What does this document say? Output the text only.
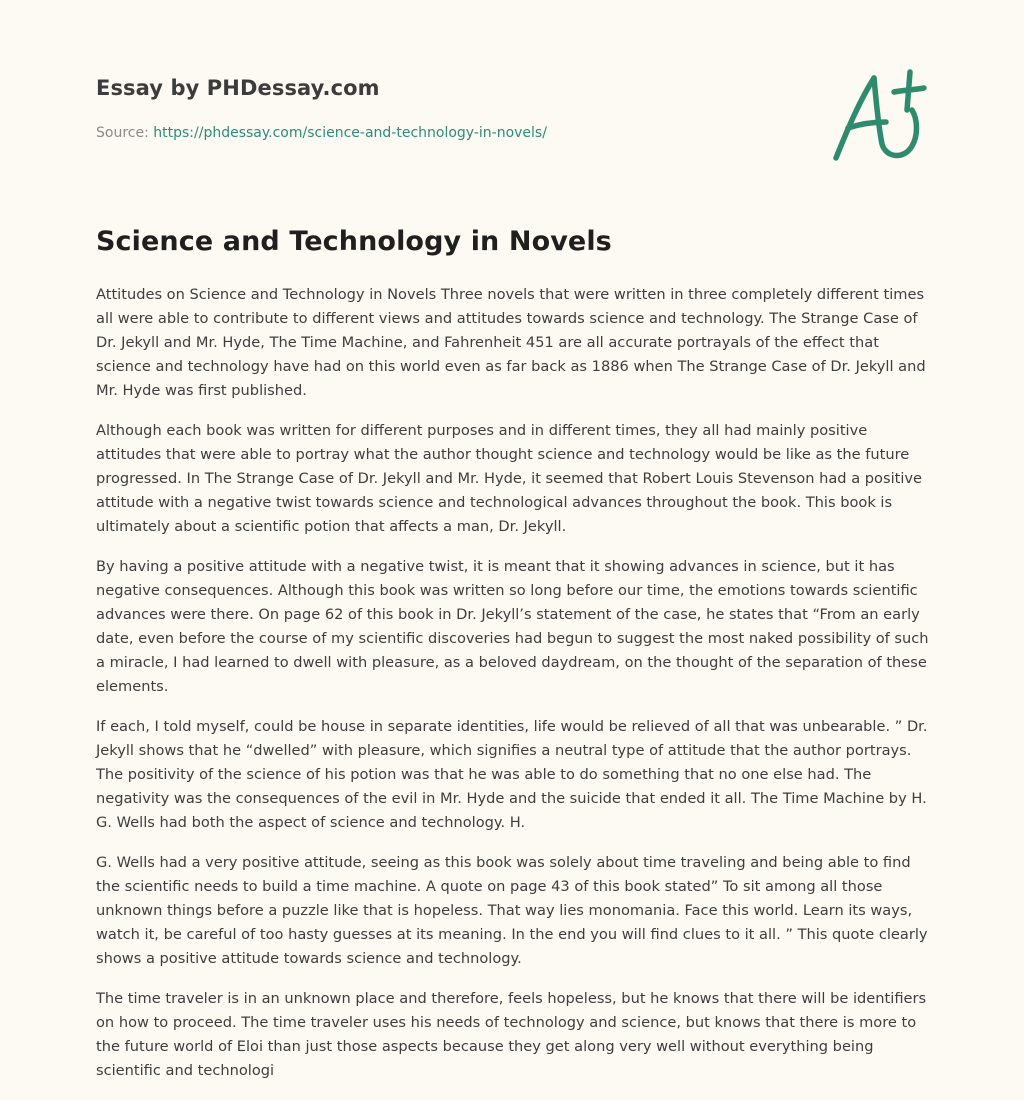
Essay by PHDessay.com
Source: https://phdessay.com/science-and-technology-in-novels/
Science and Technology in Novels

Attitudes on Science and Technology in Novels Three novels that were written in three completely different times all were able to contribute to different views and attitudes towards science and technology. The Strange Case of Dr. Jekyll and Mr. Hyde, The Time Machine, and Fahrenheit 451 are all accurate portrayals of the effect that science and technology have had on this world even as far back as 1886 when The Strange Case of Dr. Jekyll and Mr. Hyde was first published.

Although each book was written for different purposes and in different times, they all had mainly positive attitudes that were able to portray what the author thought science and technology would be like as the future progressed. In The Strange Case of Dr. Jekyll and Mr. Hyde, it seemed that Robert Louis Stevenson had a positive attitude with a negative twist towards science and technological advances throughout the book. This book is ultimately about a scientific potion that affects a man, Dr. Jekyll.

By having a positive attitude with a negative twist, it is meant that it showing advances in science, but it has negative consequences. Although this book was written so long before our time, the emotions towards scientific advances were there. On page 62 of this book in Dr. Jekyll’s statement of the case, he states that “From an early date, even before the course of my scientific discoveries had begun to suggest the most naked possibility of such a miracle, I had learned to dwell with pleasure, as a beloved daydream, on the thought of the separation of these elements.

If each, I told myself, could be house in separate identities, life would be relieved of all that was unbearable. ” Dr. Jekyll shows that he “dwelled” with pleasure, which signifies a neutral type of attitude that the author portrays. The positivity of the science of his potion was that he was able to do something that no one else had. The negativity was the consequences of the evil in Mr. Hyde and the suicide that ended it all. The Time Machine by H. G. Wells had both the aspect of science and technology. H.

G. Wells had a very positive attitude, seeing as this book was solely about time traveling and being able to find the scientific needs to build a time machine. A quote on page 43 of this book stated” To sit among all those unknown things before a puzzle like that is hopeless. That way lies monomania. Face this world. Learn its ways, watch it, be careful of too hasty guesses at its meaning. In the end you will find clues to it all. ” This quote clearly shows a positive attitude towards science and technology.

The time traveler is in an unknown place and therefore, feels hopeless, but he knows that there will be identifiers on how to proceed. The time traveler uses his needs of technology and science, but knows that there is more to the future world of Eloi than just those aspects because they get along very well without everything being scientific and technologi
